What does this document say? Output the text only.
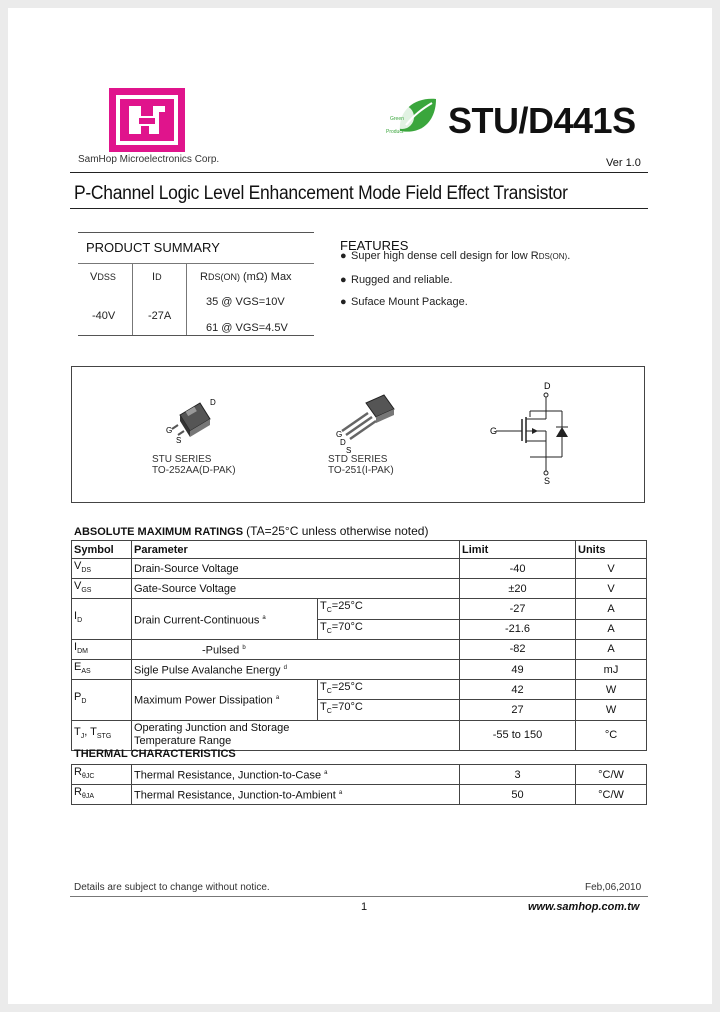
SamHop Microelectronics Corp.
Green
Product STU/D441S
Ver 1.0
P-Channel Logic Level Enhancement Mode Field Effect Transistor
PRODUCT SUMMARY
VDSS	ID	RDS(ON) (mΩ) Max
-40V	-27A
35 @ VGS=10V
61 @ VGS=4.5V
FEATURES
● Super high dense cell design for low RDS(ON).
● Rugged and reliable.
● Suface Mount Package.
D
G
S
STU SERIES
TO-252AA(D-PAK)
G
D
S
STD SERIES
TO-251(I-PAK)
D
G
S
ABSOLUTE MAXIMUM RATINGS (TA=25°C unless otherwise noted)
Symbol	Parameter		Limit	Units
$V_{DS}$	Drain-Source Voltage		-40	V
$V_{GS}$	Gate-Source Voltage		±20	V
$I_D$	Drain Current-Continuous $^a$	$T_C=25^\circ C$	-27	A
		$T_C=70^\circ C$	-21.6	A
$I_{DM}$	-Pulsed $^b$		-82	A
$E_{AS}$	Sigle Pulse Avalanche Energy $^d$		49	mJ
$P_D$	Maximum Power Dissipation $^a$	$T_C=25^\circ C$	42	W
		$T_C=70^\circ C$	27	W
$T_J$, $T_{STG}$	Operating Junction and Storage
Temperature Range		-55 to 150	°C
THERMAL CHARACTERISTICS
$R_{\theta JC}$	Thermal Resistance, Junction-to-Case $^a$	3	°C/W
$R_{\theta JA}$	Thermal Resistance, Junction-to-Ambient $^a$	50	°C/W
Details are subject to change without notice.	Feb,06,2010
1	www.samhop.com.tw
